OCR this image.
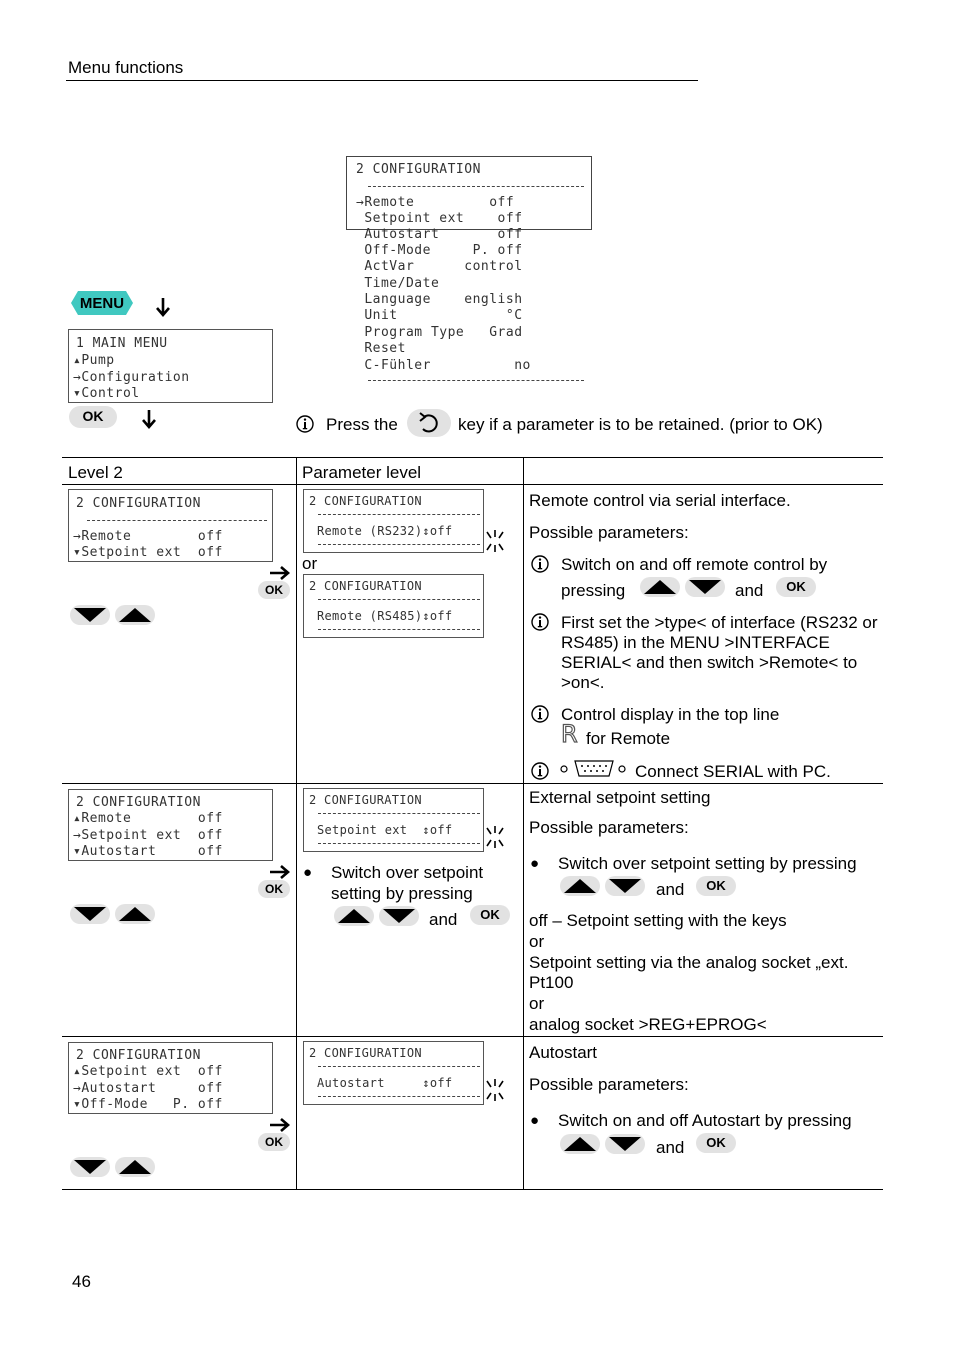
Menu functions
2 CONFIGURATION
→Remote         off
Setpoint ext    off
Autostart       off
Off-Mode     P. off
ActVar      control
Time/Date
Language    english
Unit             °C
Program Type   Grad
Reset
C-Fühler          no
MENU
1 MAIN MENU
▴Pump
→Configuration
▾Control
OK	Press the	key if a parameter is to be retained. (prior to OK)
Level 2	Parameter level
2 CONFIGURATION
→Remote        off
▾Setpoint ext  off
OK
2 CONFIGURATION
Remote (RS232)↕off
or
2 CONFIGURATION
Remote (RS485)↕off
Remote control via serial interface.
Possible parameters:
Switch on and off remote control by
pressing	and	OK
First set the >type< of interface (RS232 or RS485) in the MENU >INTERFACE SERIAL< and then switch >Remote< to >on<.
Control display in the top line
R for Remote
Connect SERIAL with PC.
2 CONFIGURATION
▴Remote        off
→Setpoint ext  off
▾Autostart     off
OK
2 CONFIGURATION
Setpoint ext  ↕off
● Switch over setpoint
setting by pressing
and	OK
External setpoint setting
Possible parameters:
● Switch over setpoint setting by pressing
and	OK
off – Setpoint setting with the keys
or
Setpoint setting via the analog socket „ext.
Pt100
or
analog socket >REG+EPROG<
2 CONFIGURATION
▴Setpoint ext  off
→Autostart     off
▾Off-Mode   P. off
OK
2 CONFIGURATION
Autostart     ↕off
Autostart
Possible parameters:
● Switch on and off Autostart by pressing
and	OK
46
